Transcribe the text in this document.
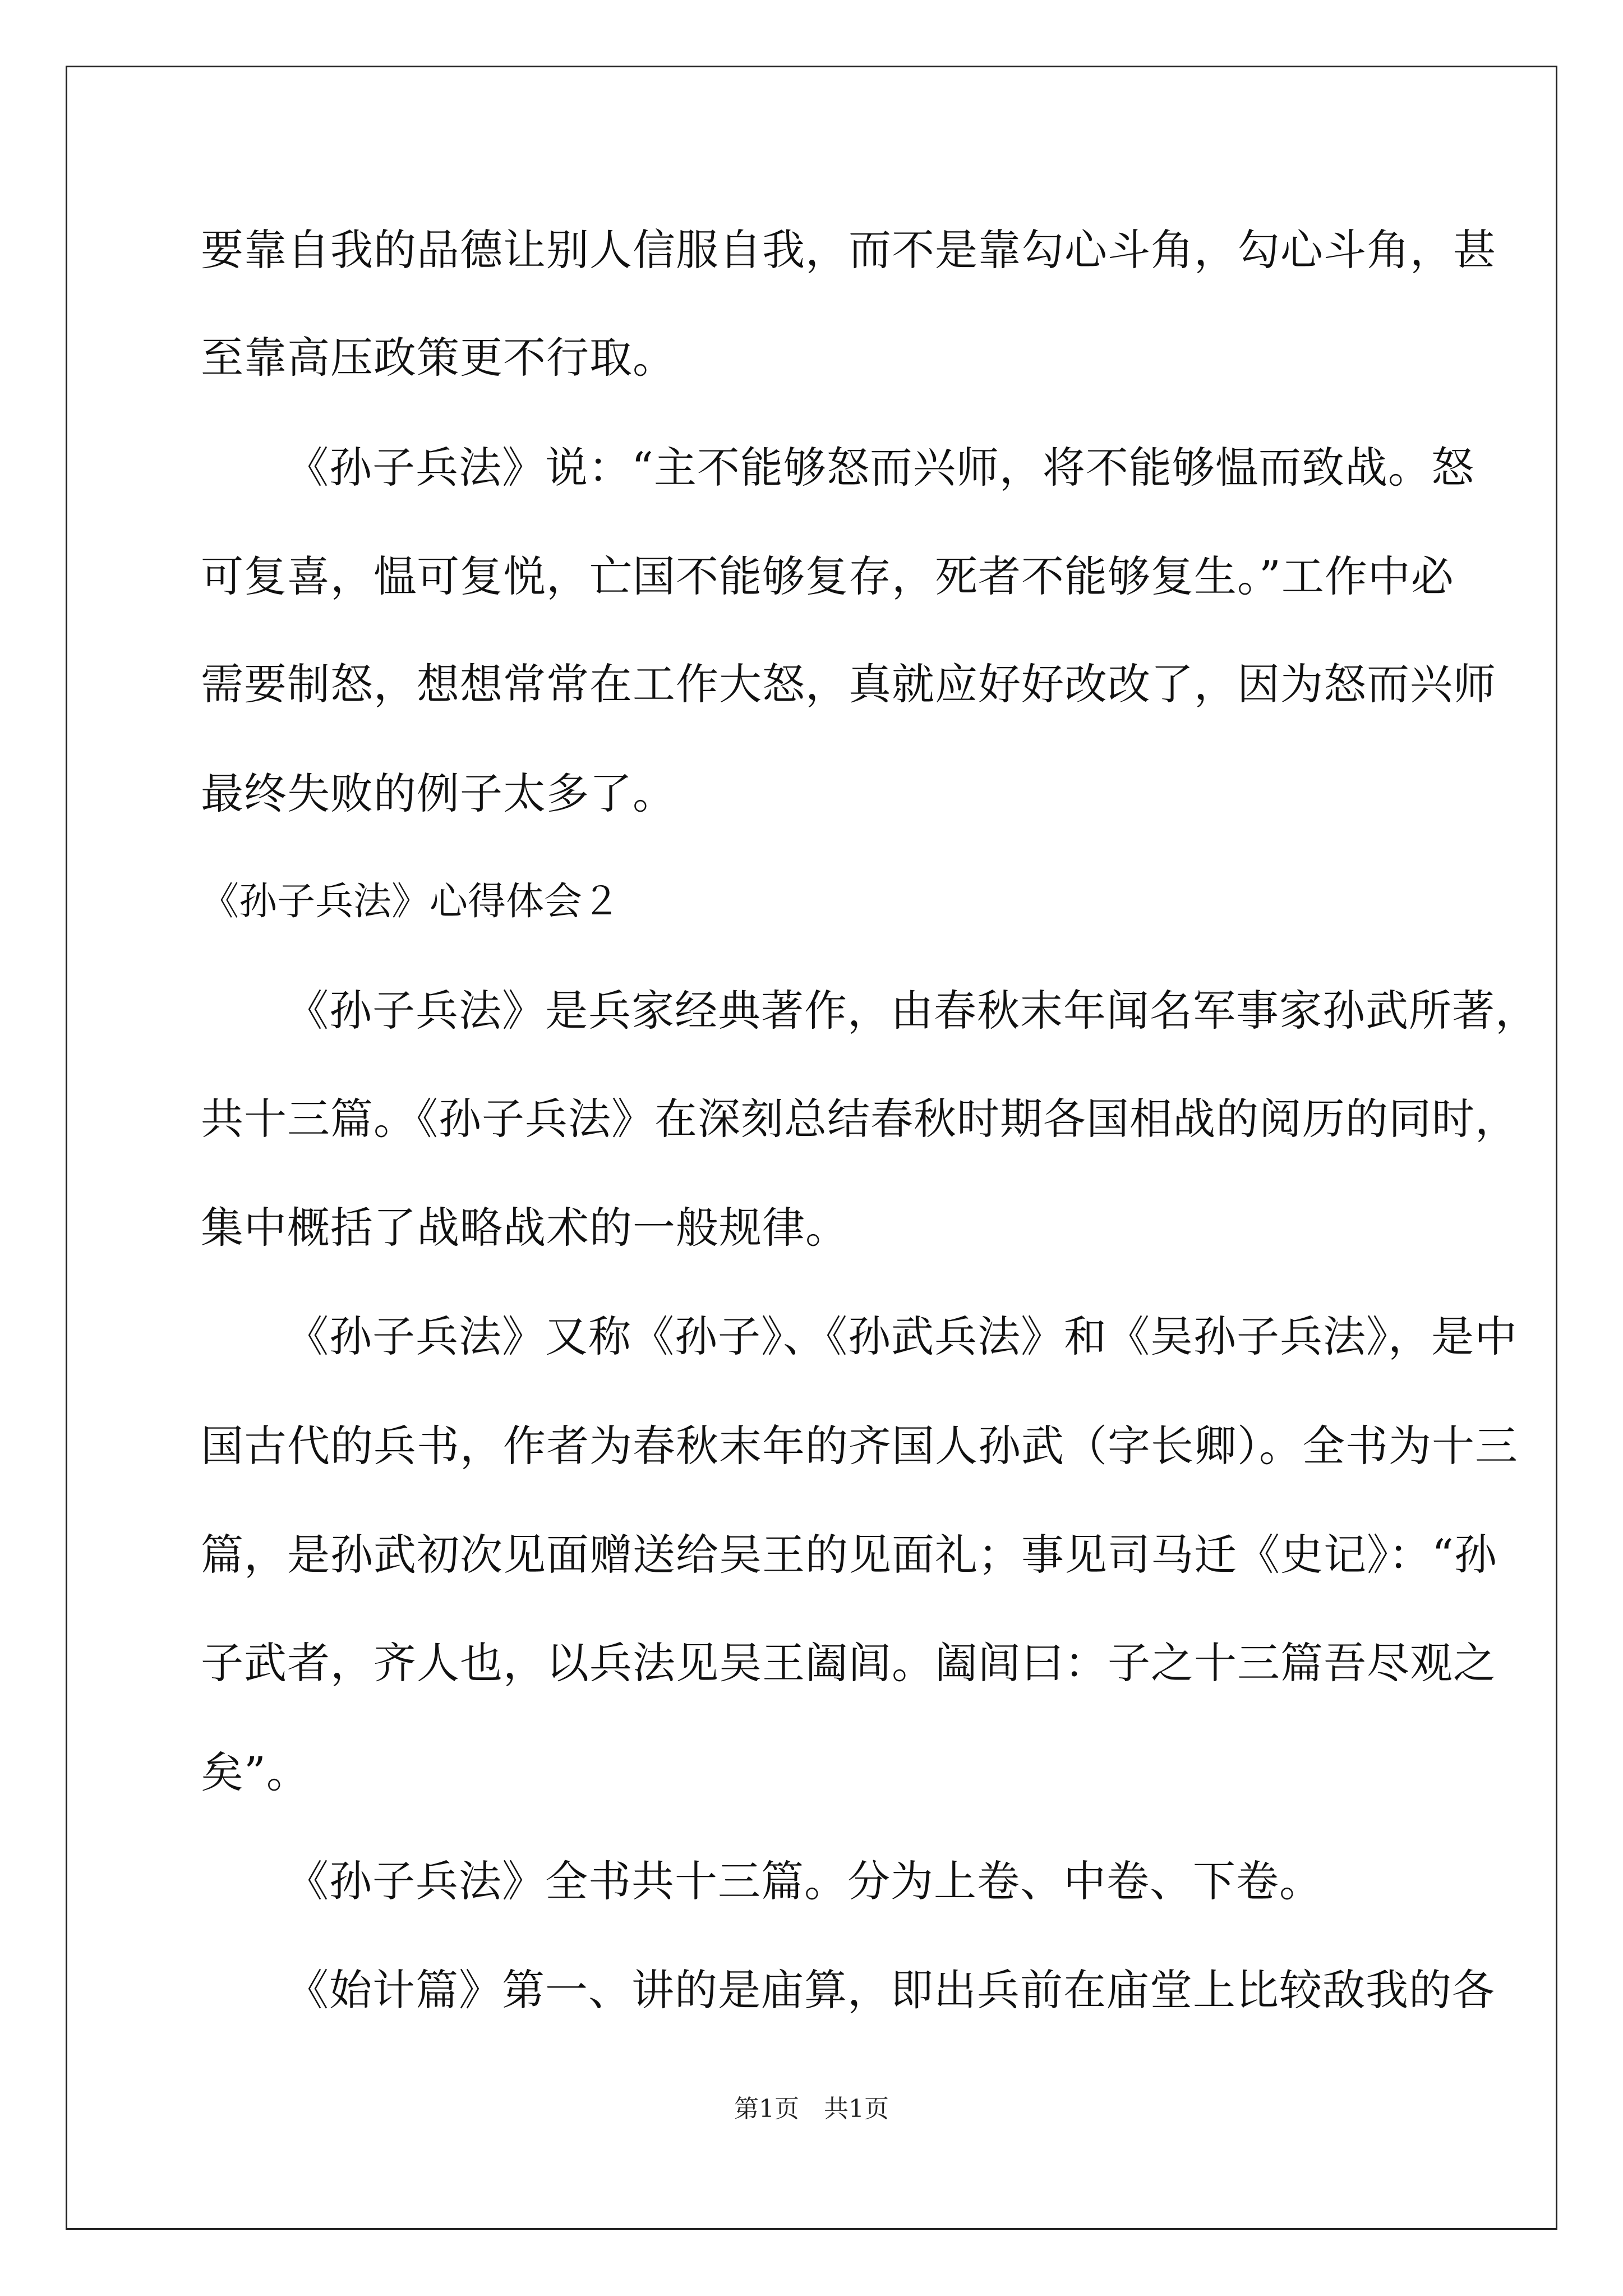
要靠自我的品德让别人信服自我，而不是靠勾心斗角，勾心斗角，甚
至靠高压政策更不行取。
《孙子兵法》说：“主不能够怒而兴师，将不能够愠而致战。怒
可复喜，愠可复悦，亡国不能够复存，死者不能够复生。”工作中必
需要制怒，想想常常在工作大怒，真就应好好改改了，因为怒而兴师
最终失败的例子太多了。
《孙子兵法》心得体会２
《孙子兵法》是兵家经典著作，由春秋末年闻名军事家孙武所著，
共十三篇。《孙子兵法》在深刻总结春秋时期各国相战的阅历的同时，
集中概括了战略战术的一般规律。
《孙子兵法》又称《孙子》、《孙武兵法》和《吴孙子兵法》，是中
国古代的兵书，作者为春秋末年的齐国人孙武（字长卿）。全书为十三
篇，是孙武初次见面赠送给吴王的见面礼；事见司马迁《史记》：“孙
子武者，齐人也，以兵法见吴王阖闾。阖闾曰：子之十三篇吾尽观之
矣”。
《孙子兵法》全书共十三篇。分为上卷、中卷、下卷。
《始计篇》第一、讲的是庙算，即出兵前在庙堂上比较敌我的各
第1页　共1页
